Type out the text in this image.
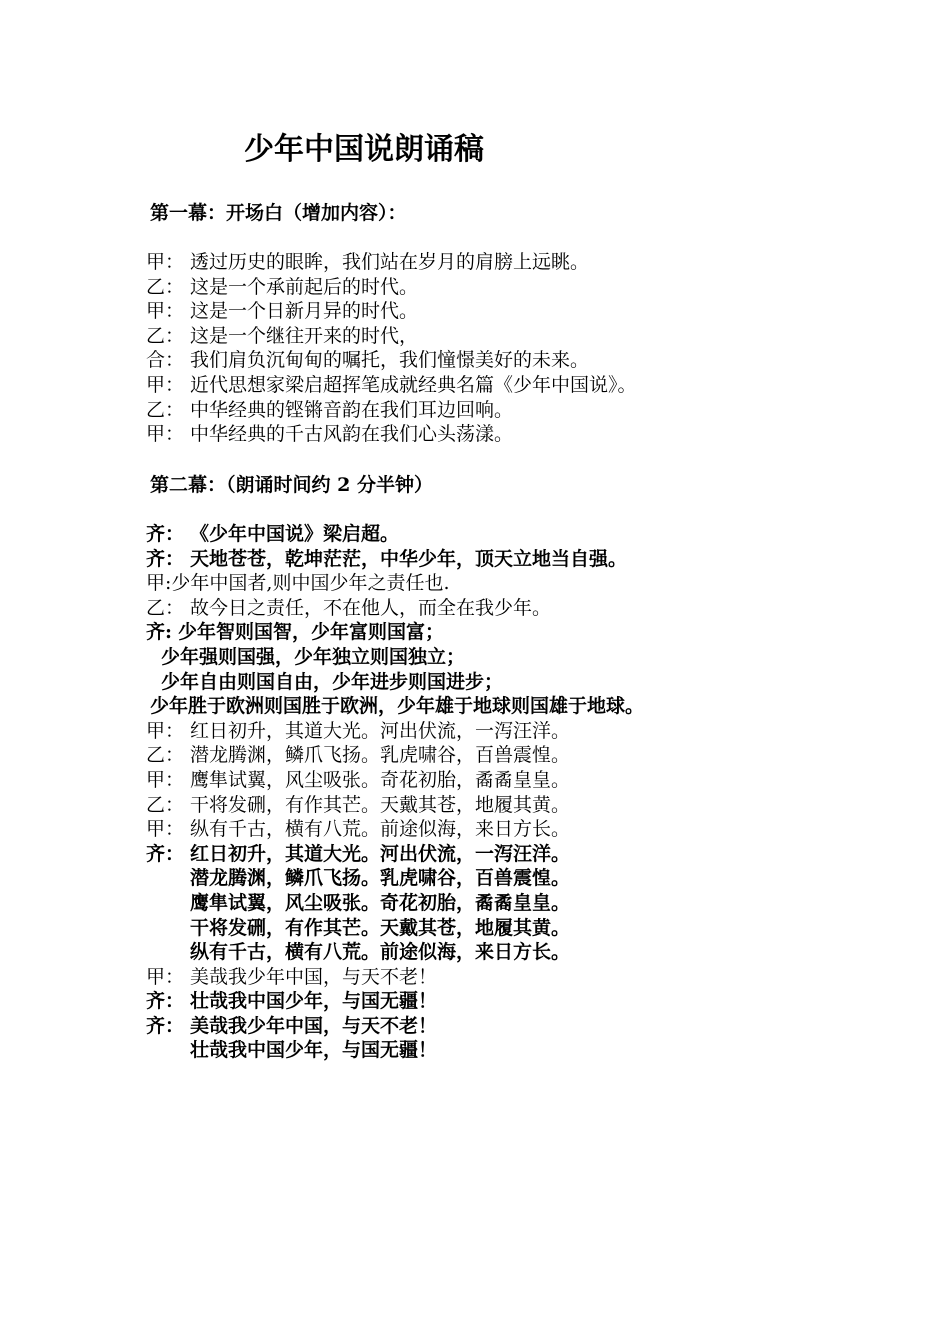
少年中国说朗诵稿
第一幕：开场白（增加内容）：
甲： 透过历史的眼眸，我们站在岁月的肩膀上远眺。
乙： 这是一个承前起后的时代。
甲： 这是一个日新月异的时代。
乙： 这是一个继往开来的时代，
合： 我们肩负沉甸甸的嘱托，我们憧憬美好的未来。
甲： 近代思想家梁启超挥笔成就经典名篇《少年中国说》。
乙： 中华经典的铿锵音韵在我们耳边回响。
甲： 中华经典的千古风韵在我们心头荡漾。
第二幕：（朗诵时间约 2 分半钟）
齐： 《少年中国说》梁启超。
齐： 天地苍苍，乾坤茫茫，中华少年，顶天立地当自强。
甲: 少年中国者,则中国少年之责任也.
乙： 故今日之责任，不在他人，而全在我少年。
齐: 少年智则国智，少年富则国富；
少年强则国强，少年独立则国独立；
少年自由则国自由，少年进步则国进步；
少年胜于欧洲则国胜于欧洲，少年雄于地球则国雄于地球。
甲： 红日初升，其道大光。河出伏流，一泻汪洋。
乙： 潜龙腾渊，鳞爪飞扬。乳虎啸谷，百兽震惶。
甲： 鹰隼试翼，风尘吸张。奇花初胎，矞矞皇皇。
乙： 干将发硎，有作其芒。天戴其苍，地履其黄。
甲： 纵有千古，横有八荒。前途似海，来日方长。
齐： 红日初升，其道大光。河出伏流，一泻汪洋。
潜龙腾渊，鳞爪飞扬。乳虎啸谷，百兽震惶。
鹰隼试翼，风尘吸张。奇花初胎，矞矞皇皇。
干将发硎，有作其芒。天戴其苍，地履其黄。
纵有千古，横有八荒。前途似海，来日方长。
甲： 美哉我少年中国，与天不老！
齐： 壮哉我中国少年，与国无疆！
齐： 美哉我少年中国，与天不老！
壮哉我中国少年，与国无疆！
